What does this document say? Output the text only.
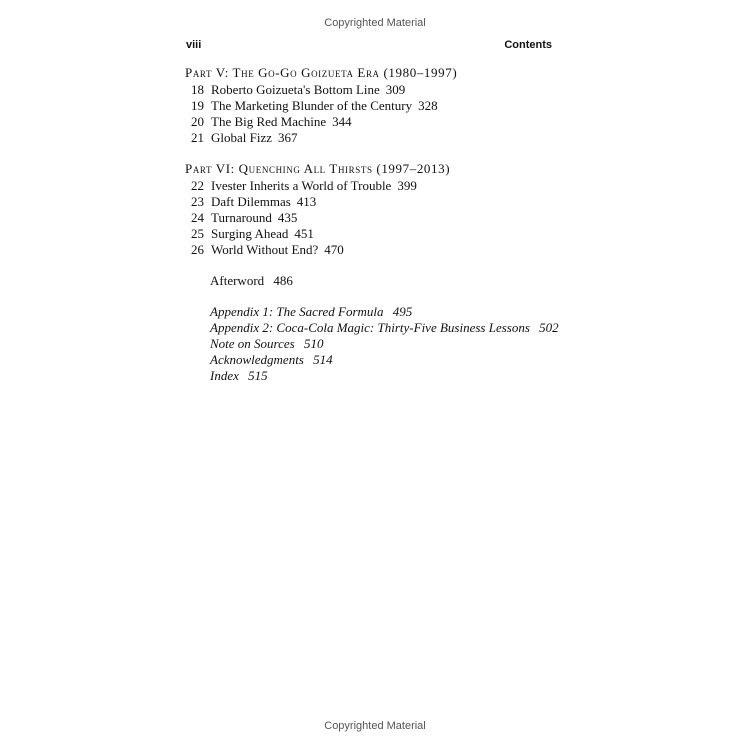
Copyrighted Material
viii	Contents
Part V: The Go-Go Goizueta Era (1980–1997)
18 Roberto Goizueta's Bottom Line 309
19 The Marketing Blunder of the Century 328
20 The Big Red Machine 344
21 Global Fizz 367
Part VI: Quenching All Thirsts (1997–2013)
22 Ivester Inherits a World of Trouble 399
23 Daft Dilemmas 413
24 Turnaround 435
25 Surging Ahead 451
26 World Without End? 470
Afterword 486
Appendix 1: The Sacred Formula 495
Appendix 2: Coca-Cola Magic: Thirty-Five Business Lessons 502
Note on Sources 510
Acknowledgments 514
Index 515
Copyrighted Material
